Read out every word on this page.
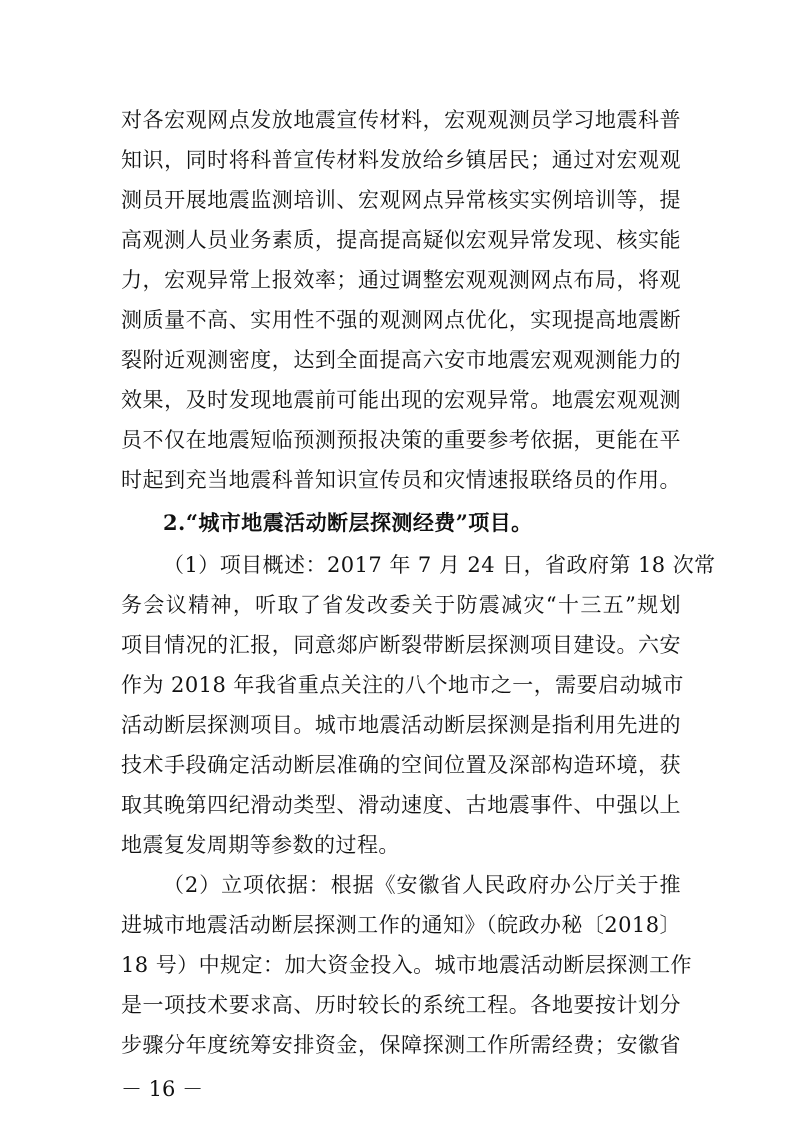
对各宏观网点发放地震宣传材料，宏观观测员学习地震科普
知识，同时将科普宣传材料发放给乡镇居民；通过对宏观观
测员开展地震监测培训、宏观网点异常核实实例培训等，提
高观测人员业务素质，提高提高疑似宏观异常发现、核实能
力，宏观异常上报效率；通过调整宏观观测网点布局，将观
测质量不高、实用性不强的观测网点优化，实现提高地震断
裂附近观测密度，达到全面提高六安市地震宏观观测能力的
效果，及时发现地震前可能出现的宏观异常。地震宏观观测
员不仅在地震短临预测预报决策的重要参考依据，更能在平
时起到充当地震科普知识宣传员和灾情速报联络员的作用。
2.“城市地震活动断层探测经费”项目。
（1）项目概述：2017 年 7 月 24 日，省政府第 18 次常
务会议精神，听取了省发改委关于防震减灾“十三五”规划
项目情况的汇报，同意郯庐断裂带断层探测项目建设。六安
作为 2018 年我省重点关注的八个地市之一，需要启动城市
活动断层探测项目。城市地震活动断层探测是指利用先进的
技术手段确定活动断层准确的空间位置及深部构造环境，获
取其晚第四纪滑动类型、滑动速度、古地震事件、中强以上
地震复发周期等参数的过程。
（2）立项依据：根据《安徽省人民政府办公厅关于推
进城市地震活动断层探测工作的通知》（皖政办秘〔2018〕
18 号）中规定：加大资金投入。城市地震活动断层探测工作
是一项技术要求高、历时较长的系统工程。各地要按计划分
步骤分年度统筹安排资金，保障探测工作所需经费；安徽省
－ 16 －
